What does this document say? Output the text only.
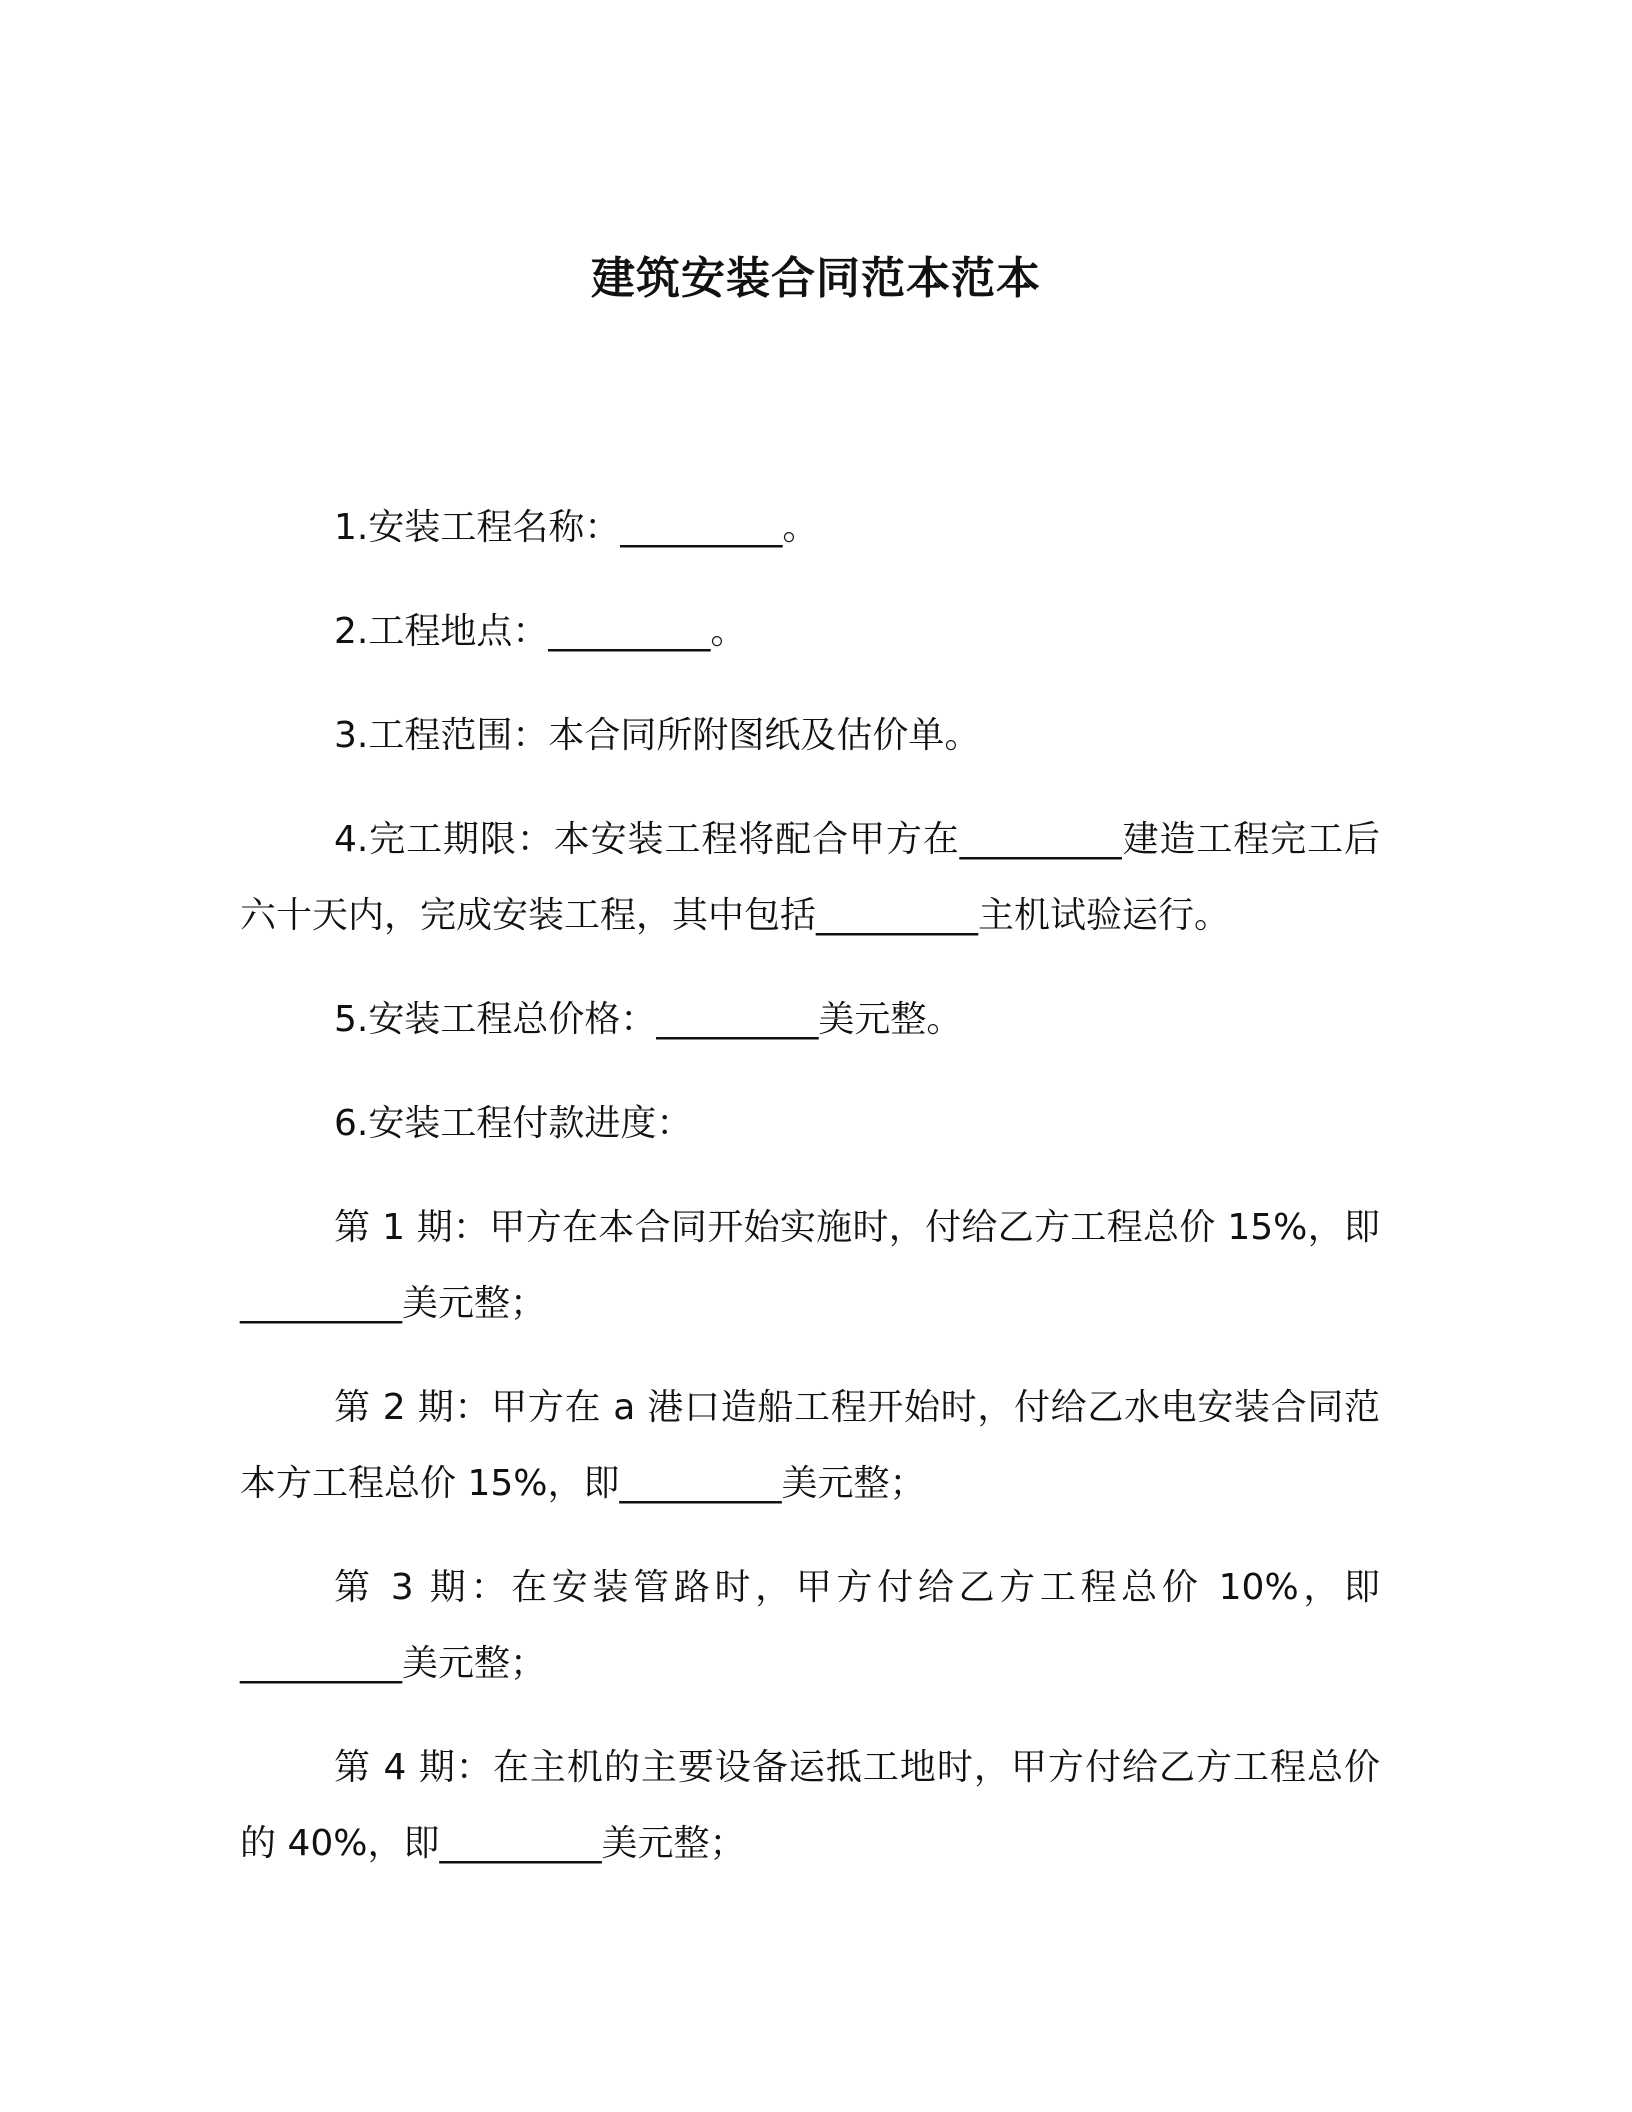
建筑安装合同范本范本

1.安装工程名称：_________。

2.工程地点：_________。

3.工程范围：本合同所附图纸及估价单。

4.完工期限：本安装工程将配合甲方在_________建造工程完工后六十天内，完成安装工程，其中包括_________主机试验运行。

5.安装工程总价格：_________美元整。

6.安装工程付款进度：

第 1 期：甲方在本合同开始实施时，付给乙方工程总价 15%，即_________美元整；

第 2 期：甲方在 a 港口造船工程开始时，付给乙水电安装合同范本方工程总价 15%，即_________美元整；

第 3 期：在安装管路时，甲方付给乙方工程总价 10%，即 _________美元整；

第 4 期：在主机的主要设备运抵工地时，甲方付给乙方工程总价的 40%，即_________美元整；
